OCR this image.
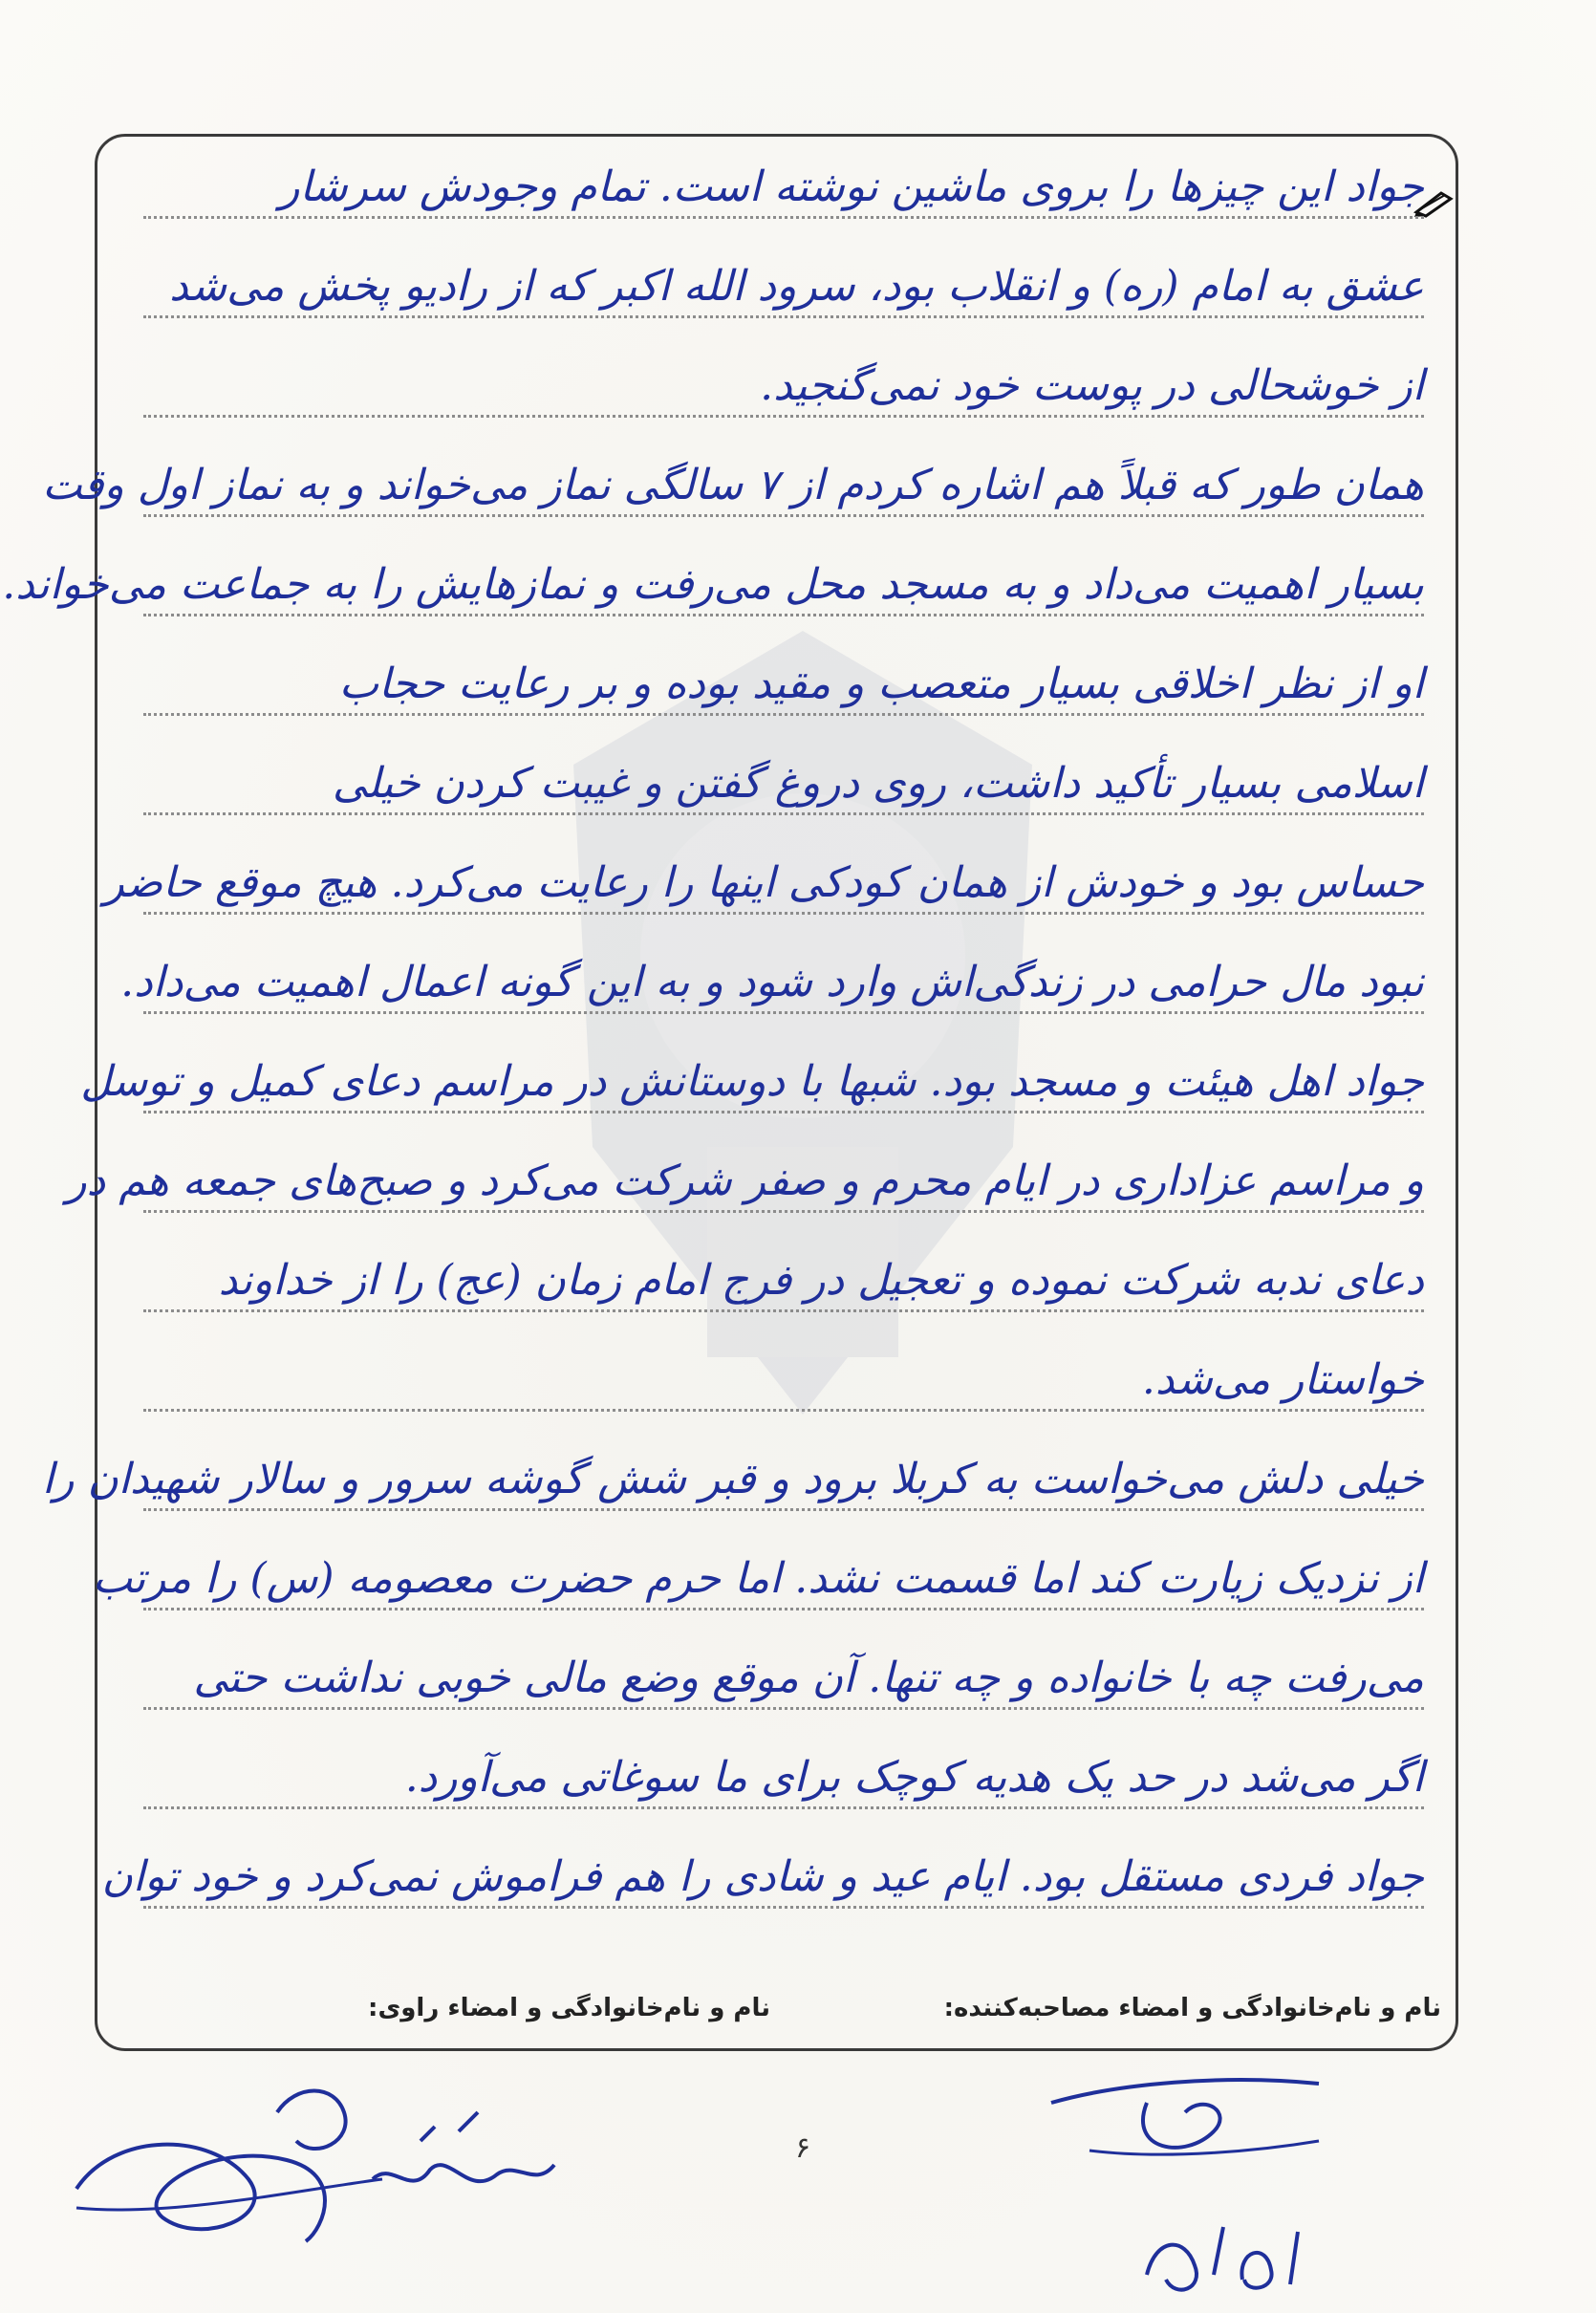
جواد این چیزها را بروی ماشین نوشته است. تمام وجودش سرشار
عشق به امام (ره) و انقلاب بود، سرود الله اکبر که از رادیو پخش می‌شد
از خوشحالی در پوست خود نمی‌گنجید.
همان طور که قبلاً هم اشاره کردم از ۷ سالگی نماز می‌خواند و به نماز اول وقت
بسیار اهمیت می‌داد و به مسجد محل می‌رفت و نمازهایش را به جماعت می‌خواند.
او از نظر اخلاقی بسیار متعصب و مقید بوده و بر رعایت حجاب
اسلامی بسیار تأکید داشت، روی دروغ گفتن و غیبت کردن خیلی
حساس بود و خودش از همان کودکی اینها را رعایت می‌کرد. هیچ موقع حاضر
نبود مال حرامی در زندگی‌اش وارد شود و به این گونه اعمال اهمیت می‌داد.
جواد اهل هیئت و مسجد بود. شبها با دوستانش در مراسم دعای کمیل و توسل
و مراسم عزاداری در ایام محرم و صفر شرکت می‌کرد و صبح‌های جمعه هم در
دعای ندبه شرکت نموده و تعجیل در فرج امام زمان (عج) را از خداوند
خواستار می‌شد.
خیلی دلش می‌خواست به کربلا برود و قبر شش گوشه سرور و سالار شهیدان را
از نزدیک زیارت کند اما قسمت نشد. اما حرم حضرت معصومه (س) را مرتب
می‌رفت چه با خانواده و چه تنها. آن موقع وضع مالی خوبی نداشت حتی
اگر می‌شد در حد یک هدیه کوچک برای ما سوغاتی می‌آورد.
جواد فردی مستقل بود. ایام عید و شادی را هم فراموش نمی‌کرد و خود توان
نام و نام‌خانوادگی و امضاء مصاحبه‌کننده:
نام و نام‌خانوادگی و امضاء راوی:
۶
